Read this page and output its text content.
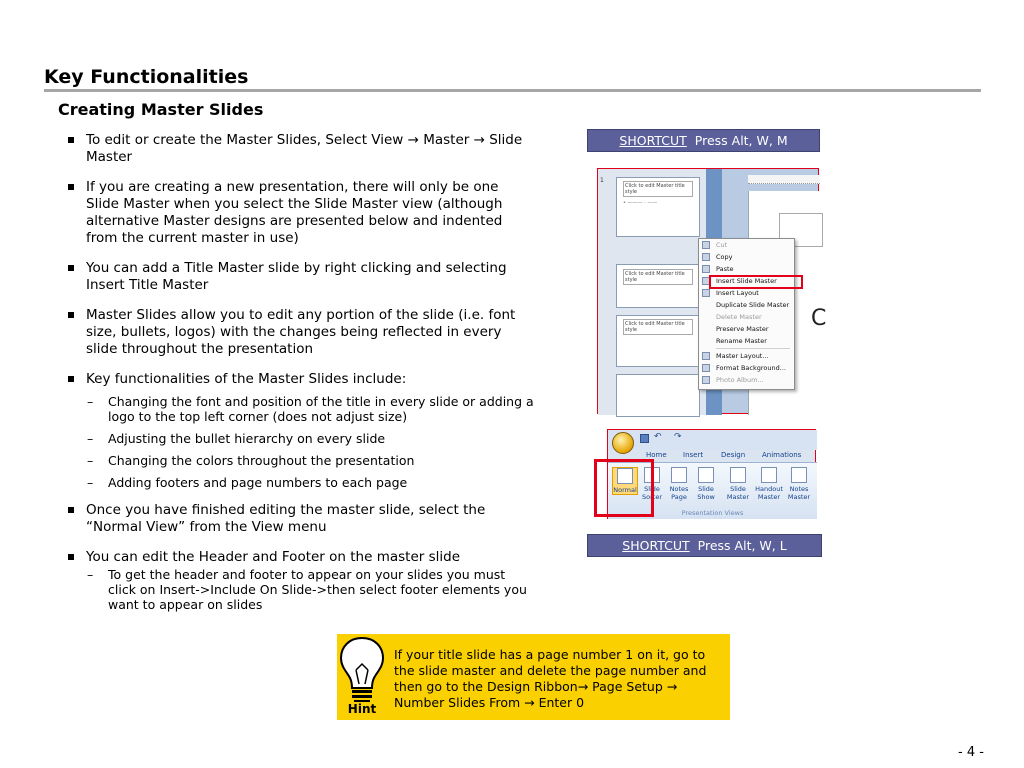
Key Functionalities
Creating Master Slides
To edit or create the Master Slides, Select View → Master → Slide Master
If you are creating a new presentation, there will only be one Slide Master when you select the Slide Master view (although alternative Master designs are presented below and indented from the current master in use)
You can add a Title Master slide by right clicking and selecting Insert Title Master
Master Slides allow you to edit any portion of the slide (i.e. font size, bullets, logos) with the changes being reflected in every slide throughout the presentation
Key functionalities of the Master Slides include:
– Changing the font and position of the title in every slide or adding a logo to the top left corner (does not adjust size)
– Adjusting the bullet hierarchy on every slide
– Changing the colors throughout the presentation
– Adding footers and page numbers to each page
Once you have finished editing the master slide, select the “Normal View” from the View menu
You can edit the Header and Footer on the master slide
– To get the header and footer to appear on your slides you must click on Insert->Include On Slide->then select footer elements you want to appear on slides
SHORTCUT Press Alt, W, M
1
Click to edit Master title style
• ——— · ——
Click to edit Master title style
Click to edit Master title style	C
Cut
Copy
Paste
Insert Slide Master
Insert Layout
Duplicate Slide Master
Delete Master
Preserve Master
Rename Master
Master Layout...
Format Background...
Photo Album...
↶ ↷
Home Insert	Design Animations
Normal	Slide Sorter
Notes Page
Slide Show
Slide Master
Handout Master
Notes Master
Presentation Views
SHORTCUT Press Alt, W, L
Hint
If your title slide has a page number 1 on it, go to the slide master and delete the page number and then go to the Design Ribbon→ Page Setup → Number Slides From → Enter 0
- 4 -
